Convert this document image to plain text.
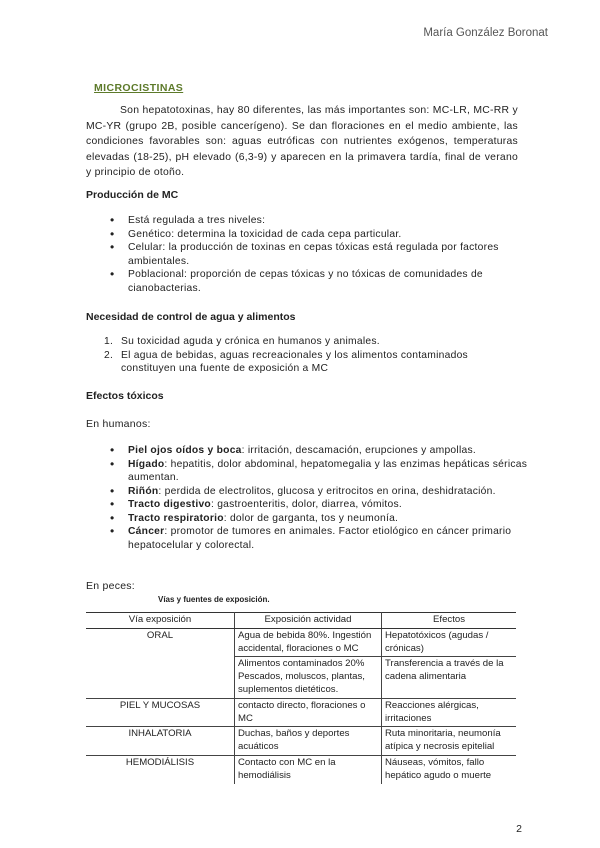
María González Boronat
MICROCISTINAS
Son hepatotoxinas, hay 80 diferentes, las más importantes son: MC-LR, MC-RR y MC-YR (grupo 2B, posible cancerígeno). Se dan floraciones en el medio ambiente, las condiciones favorables son: aguas eutróficas con nutrientes exógenos, temperaturas elevadas (18-25), pH elevado (6,3-9) y aparecen en la primavera tardía, final de verano y principio de otoño.
Producción de MC
• Está regulada a tres niveles:
• Genético: determina la toxicidad de cada cepa particular.
• Celular: la producción de toxinas en cepas tóxicas está regulada por factores ambientales.
• Poblacional: proporción de cepas tóxicas y no tóxicas de comunidades de cianobacterias.
Necesidad de control de agua y alimentos
1. Su toxicidad aguda y crónica en humanos y animales.
2. El agua de bebidas, aguas recreacionales y los alimentos contaminados constituyen una fuente de exposición a MC
Efectos tóxicos
En humanos:
• Piel ojos oídos y boca: irritación, descamación, erupciones y ampollas.
• Hígado: hepatitis, dolor abdominal, hepatomegalia y las enzimas hepáticas séricas aumentan.
• Riñón: perdida de electrolitos, glucosa y eritrocitos en orina, deshidratación.
• Tracto digestivo: gastroenteritis, dolor, diarrea, vómitos.
• Tracto respiratorio: dolor de garganta, tos y neumonía.
• Cáncer: promotor de tumores en animales. Factor etiológico en cáncer primario hepatocelular y colorectal.
En peces:
Vías y fuentes de exposición.
Vía exposición	Exposición actividad	Efectos
ORAL	Agua de bebida 80%. Ingestión accidental, floraciones o MC	Hepatotóxicos (agudas / crónicas)
	Alimentos contaminados 20% Pescados, moluscos, plantas, suplementos dietéticos.	Transferencia a través de la cadena alimentaria
PIEL Y MUCOSAS	contacto directo, floraciones o MC	Reacciones alérgicas, irritaciones
INHALATORIA	Duchas, baños y deportes acuáticos	Ruta minoritaria, neumonía atípica y necrosis epitelial
HEMODIÁLISIS	Contacto con MC en la hemodiálisis	Náuseas, vómitos, fallo hepático agudo o muerte
2
